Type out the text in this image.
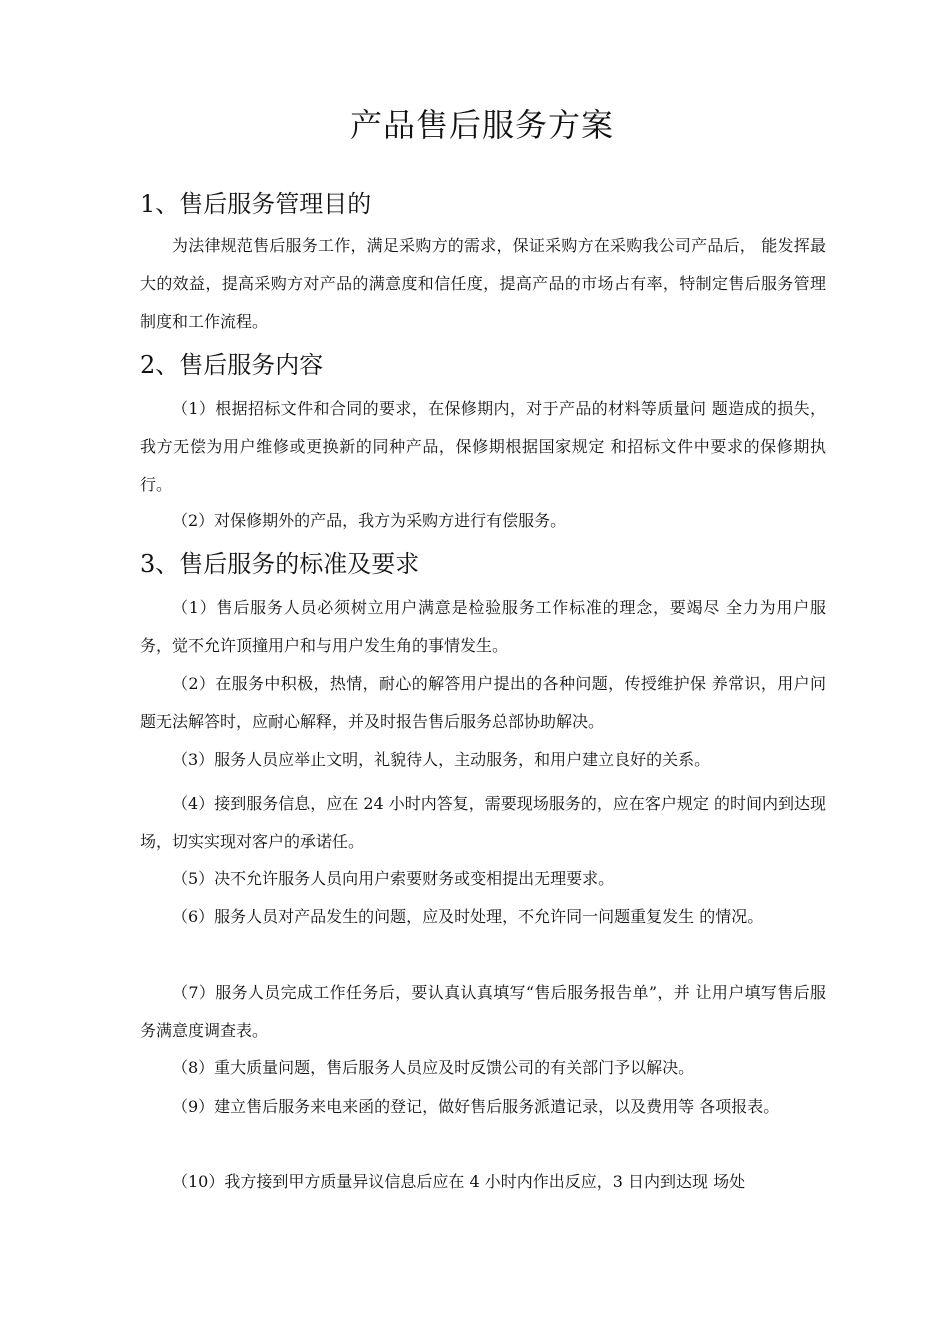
产品售后服务方案
1、售后服务管理目的

为法律规范售后服务工作，满足采购方的需求，保证采购方在采购我公司产品后， 能发挥最大的效益，提高采购方对产品的满意度和信任度，提高产品的市场占有率，特制定售后服务管理制度和工作流程。

2、售后服务内容

（1）根据招标文件和合同的要求，在保修期内，对于产品的材料等质量问 题造成的损失，我方无偿为用户维修或更换新的同种产品，保修期根据国家规定 和招标文件中要求的保修期执行。

（2）对保修期外的产品，我方为采购方进行有偿服务。

3、售后服务的标准及要求

（1）售后服务人员必须树立用户满意是检验服务工作标准的理念，要竭尽 全力为用户服务，觉不允许顶撞用户和与用户发生角的事情发生。

（2）在服务中积极，热情，耐心的解答用户提出的各种问题，传授维护保 养常识，用户问题无法解答时，应耐心解释，并及时报告售后服务总部协助解决。

（3）服务人员应举止文明，礼貌待人，主动服务，和用户建立良好的关系。

（4）接到服务信息，应在 24 小时内答复，需要现场服务的，应在客户规定 的时间内到达现场，切实实现对客户的承诺任。

（5）决不允许服务人员向用户索要财务或变相提出无理要求。

（6）服务人员对产品发生的问题，应及时处理，不允许同一问题重复发生 的情况。

（7）服务人员完成工作任务后，要认真认真填写“售后服务报告单”，并 让用户填写售后服务满意度调查表。

（8）重大质量问题，售后服务人员应及时反馈公司的有关部门予以解决。

（9）建立售后服务来电来函的登记，做好售后服务派遣记录，以及费用等 各项报表。

（10）我方接到甲方质量异议信息后应在 4 小时内作出反应，3 日内到达现 场处
